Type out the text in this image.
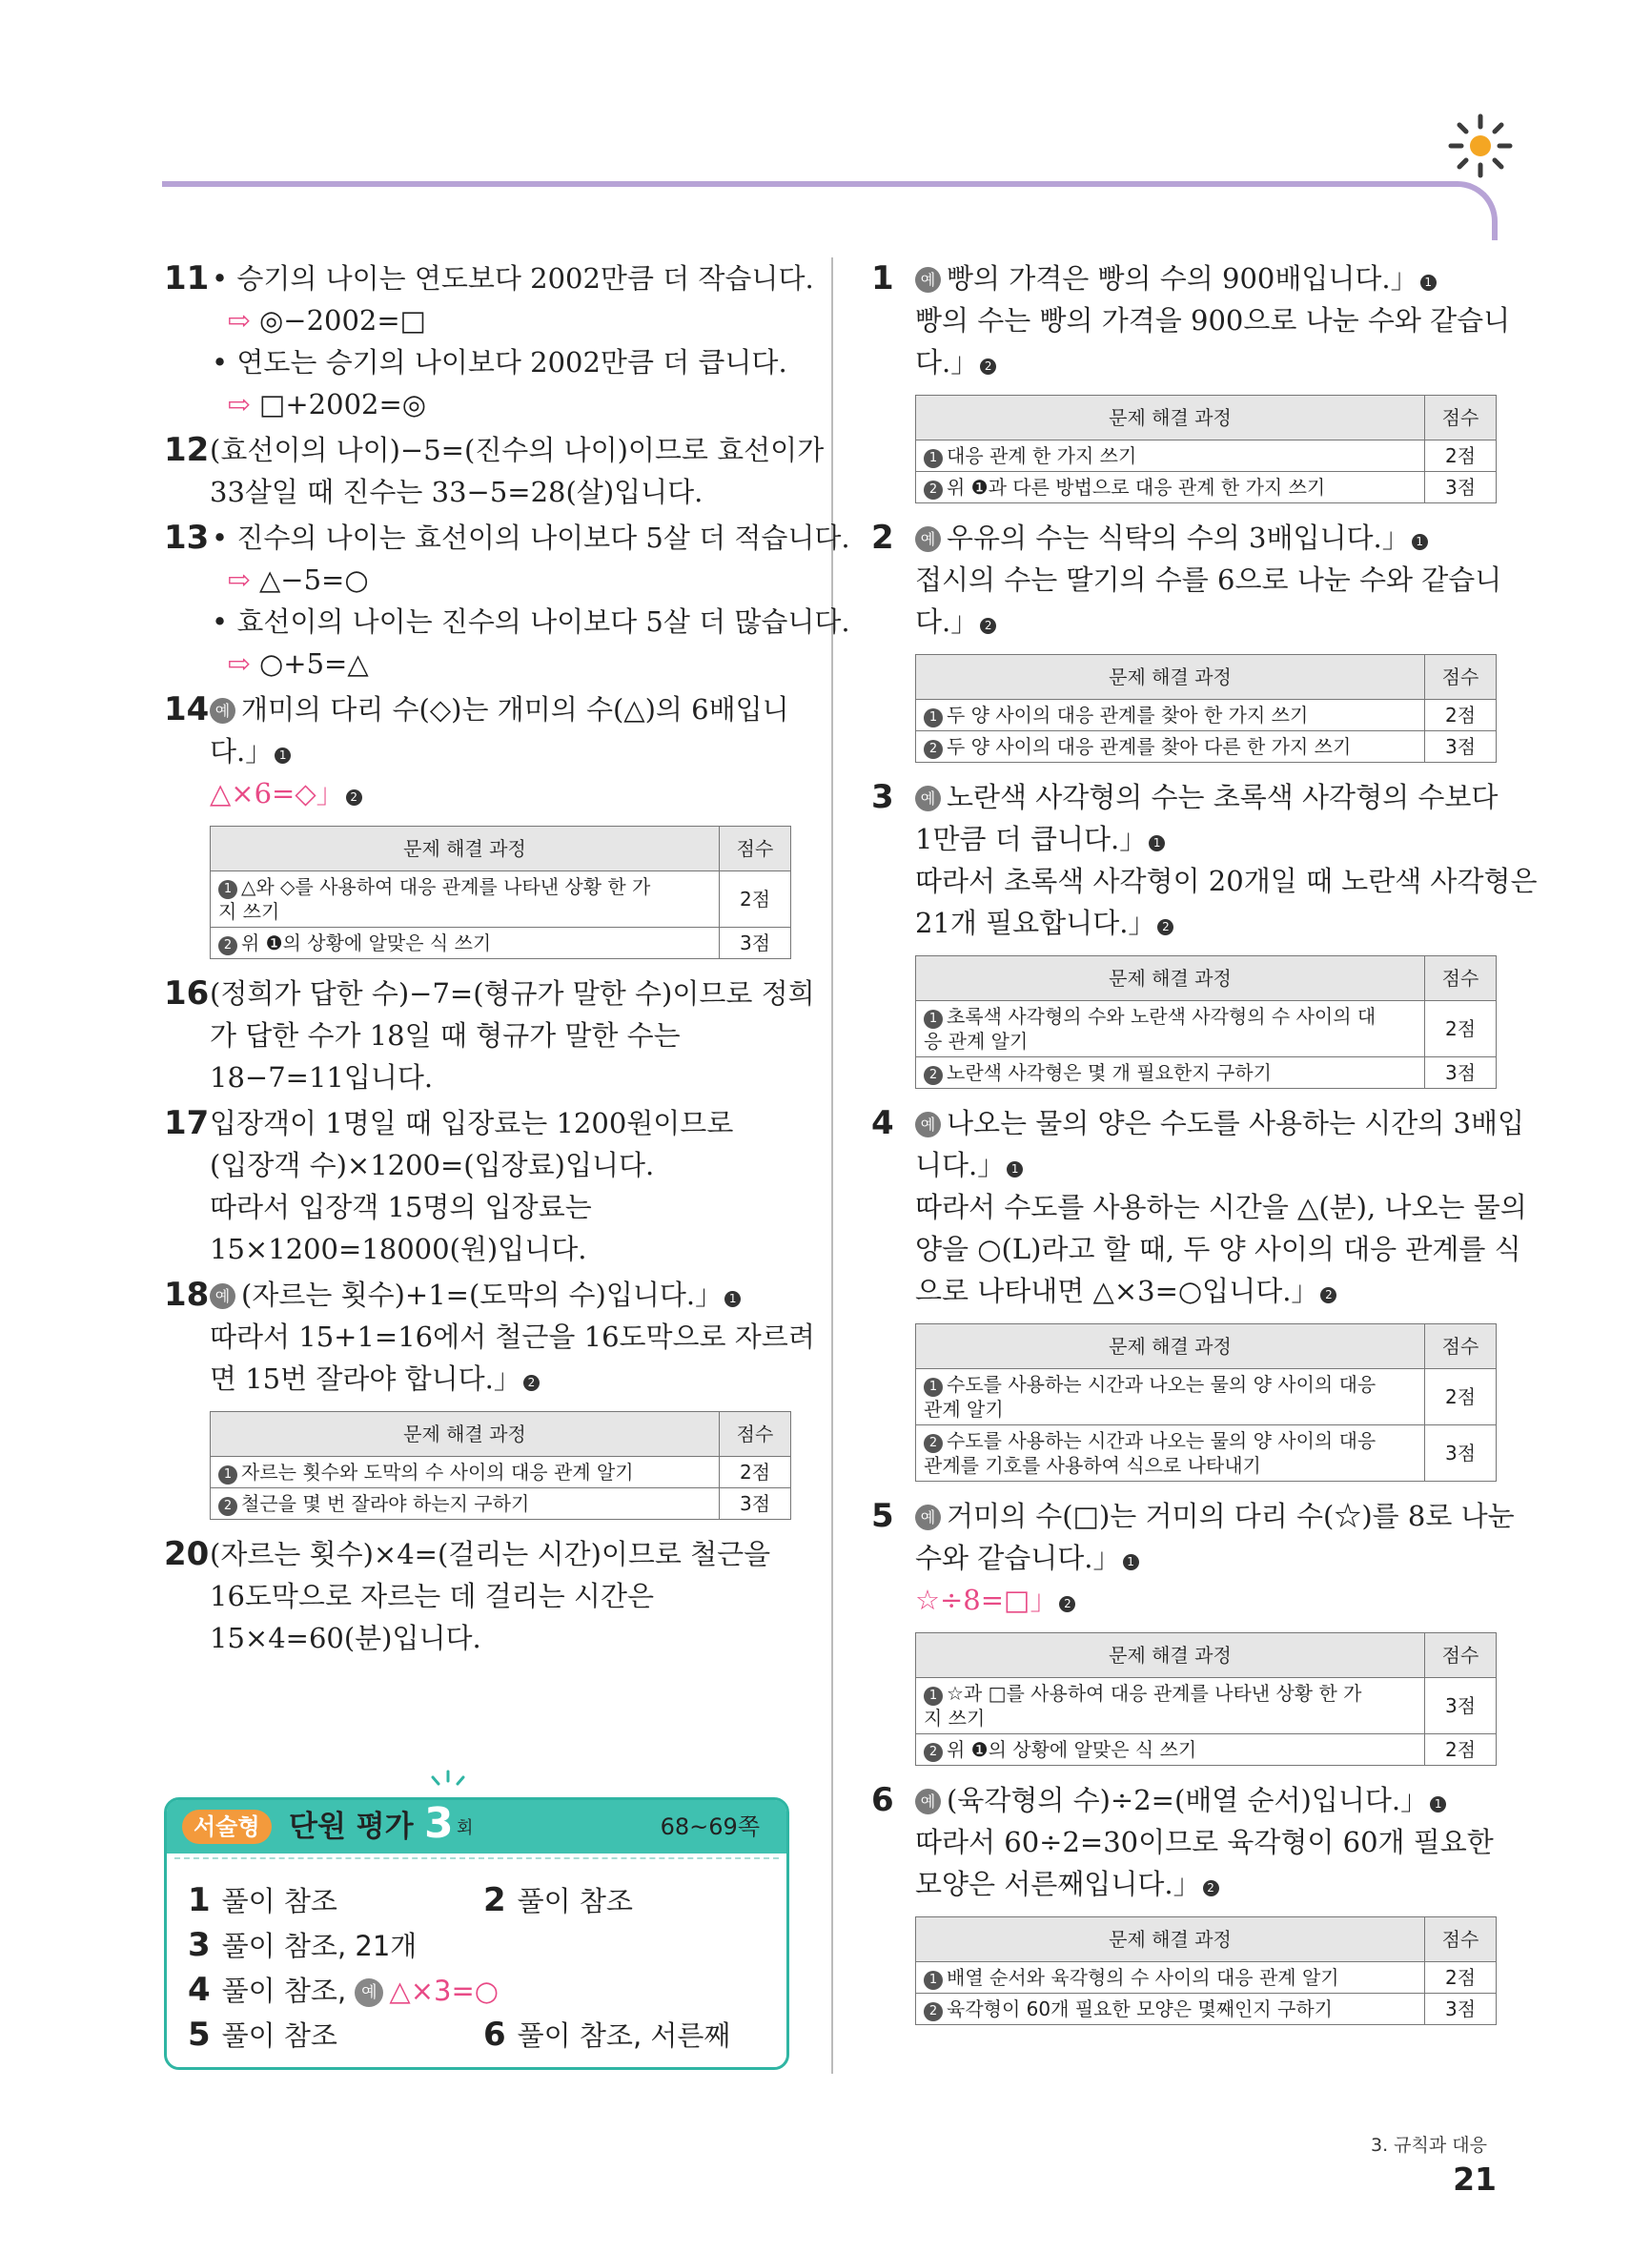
11 • 승기의 나이는 연도보다 2002만큼 더 작습니다.
⇨ ◎−2002=□
• 연도는 승기의 나이보다 2002만큼 더 큽니다.
⇨ □+2002=◎
12 (효선이의 나이)−5=(진수의 나이)이므로 효선이가
33살일 때 진수는 33−5=28(살)입니다.
13 • 진수의 나이는 효선이의 나이보다 5살 더 적습니다.
⇨ △−5=○
• 효선이의 나이는 진수의 나이보다 5살 더 많습니다.
⇨ ○+5=△
14 예 개미의 다리 수(◇)는 개미의 수(△)의 6배입니
다.」 1
△×6=◇」 2
문제 해결 과정	점수
1 △와 ◇를 사용하여 대응 관계를 나타낸 상황 한 가
지 쓰기	2점
2 위 ❶의 상황에 알맞은 식 쓰기	3점
16 (정희가 답한 수)−7=(형규가 말한 수)이므로 정희
가 답한 수가 18일 때 형규가 말한 수는
18−7=11입니다.
17 입장객이 1명일 때 입장료는 1200원이므로
(입장객 수)×1200=(입장료)입니다.
따라서 입장객 15명의 입장료는
15×1200=18000(원)입니다.
18 예 (자르는 횟수)+1=(도막의 수)입니다.」 1
따라서 15+1=16에서 철근을 16도막으로 자르려
면 15번 잘라야 합니다.」 2
문제 해결 과정	점수
1 자르는 횟수와 도막의 수 사이의 대응 관계 알기	2점
2 철근을 몇 번 잘라야 하는지 구하기	3점
20 (자르는 횟수)×4=(걸리는 시간)이므로 철근을
16도막으로 자르는 데 걸리는 시간은
15×4=60(분)입니다.
서술형 단원 평가 3 회	68~69쪽
1 풀이 참조	2 풀이 참조
3 풀이 참조, 21개
4 풀이 참조, 예 △×3=○
5 풀이 참조	6 풀이 참조, 서른째
1	예 빵의 가격은 빵의 수의 900배입니다.」 1
빵의 수는 빵의 가격을 900으로 나눈 수와 같습니
다.」 2
문제 해결 과정	점수
1 대응 관계 한 가지 쓰기	2점
2 위 ❶과 다른 방법으로 대응 관계 한 가지 쓰기	3점
2	예 우유의 수는 식탁의 수의 3배입니다.」 1
접시의 수는 딸기의 수를 6으로 나눈 수와 같습니
다.」 2
문제 해결 과정	점수
1 두 양 사이의 대응 관계를 찾아 한 가지 쓰기	2점
2 두 양 사이의 대응 관계를 찾아 다른 한 가지 쓰기	3점
3	예 노란색 사각형의 수는 초록색 사각형의 수보다
1만큼 더 큽니다.」 1
따라서 초록색 사각형이 20개일 때 노란색 사각형은
21개 필요합니다.」 2
문제 해결 과정	점수
1 초록색 사각형의 수와 노란색 사각형의 수 사이의 대
응 관계 알기	2점
2 노란색 사각형은 몇 개 필요한지 구하기	3점
4	예 나오는 물의 양은 수도를 사용하는 시간의 3배입
니다.」 1
따라서 수도를 사용하는 시간을 △(분), 나오는 물의
양을 ○(L)라고 할 때, 두 양 사이의 대응 관계를 식
으로 나타내면 △×3=○입니다.」 2
문제 해결 과정	점수
1 수도를 사용하는 시간과 나오는 물의 양 사이의 대응
관계 알기	2점
2 수도를 사용하는 시간과 나오는 물의 양 사이의 대응
관계를 기호를 사용하여 식으로 나타내기	3점
5	예 거미의 수(□)는 거미의 다리 수(☆)를 8로 나눈
수와 같습니다.」 1
☆÷8=□」 2
문제 해결 과정	점수
1 ☆과 □를 사용하여 대응 관계를 나타낸 상황 한 가
지 쓰기	3점
2 위 ❶의 상황에 알맞은 식 쓰기	2점
6	예 (육각형의 수)÷2=(배열 순서)입니다.」 1
따라서 60÷2=30이므로 육각형이 60개 필요한
모양은 서른째입니다.」 2
문제 해결 과정	점수
1 배열 순서와 육각형의 수 사이의 대응 관계 알기	2점
2 육각형이 60개 필요한 모양은 몇째인지 구하기	3점
3. 규칙과 대응21
